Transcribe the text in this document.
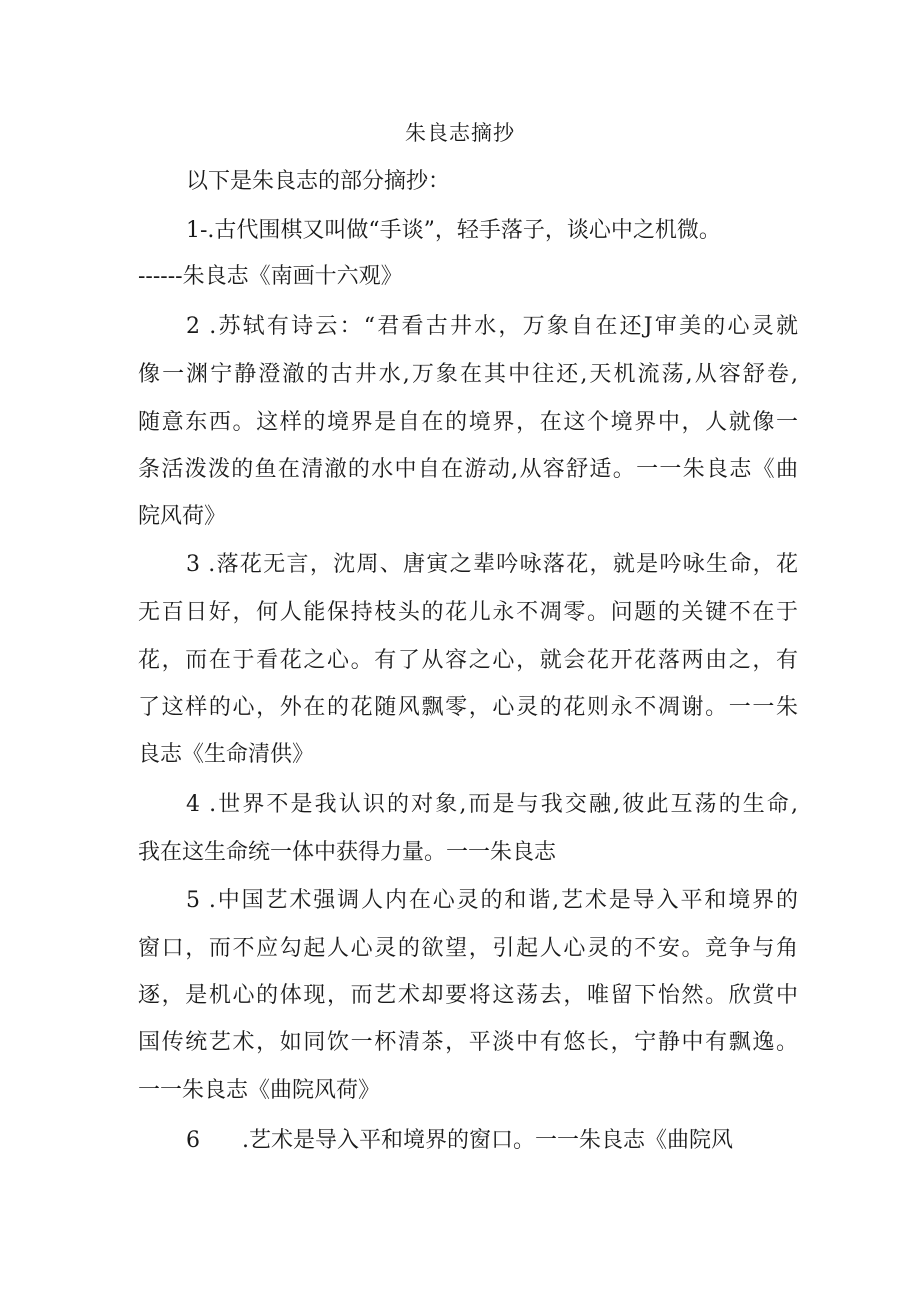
朱良志摘抄
以下是朱良志的部分摘抄：
1-.古代围棋又叫做“手谈”，轻手落子，谈心中之机微。
------朱良志《南画十六观》
2 .苏轼有诗云：“君看古井水，万象自在还J审美的心灵就
像一渊宁静澄澈的古井水,万象在其中往还,天机流荡,从容舒卷,
随意东西。这样的境界是自在的境界，在这个境界中，人就像一
条活泼泼的鱼在清澈的水中自在游动,从容舒适。一一朱良志《曲
院风荷》
3 .落花无言，沈周、唐寅之辈吟咏落花，就是吟咏生命，花
无百日好，何人能保持枝头的花儿永不凋零。问题的关键不在于
花，而在于看花之心。有了从容之心，就会花开花落两由之，有
了这样的心，外在的花随风飘零，心灵的花则永不凋谢。一一朱
良志《生命清供》
4 .世界不是我认识的对象,而是与我交融,彼此互荡的生命,
我在这生命统一体中获得力量。一一朱良志
5 .中国艺术强调人内在心灵的和谐,艺术是导入平和境界的
窗口，而不应勾起人心灵的欲望，引起人心灵的不安。竞争与角
逐，是机心的体现，而艺术却要将这荡去，唯留下怡然。欣赏中
国传统艺术，如同饮一杯清茶，平淡中有悠长，宁静中有飘逸。
一一朱良志《曲院风荷》
6 .艺术是导入平和境界的窗口。一一朱良志《曲院风
